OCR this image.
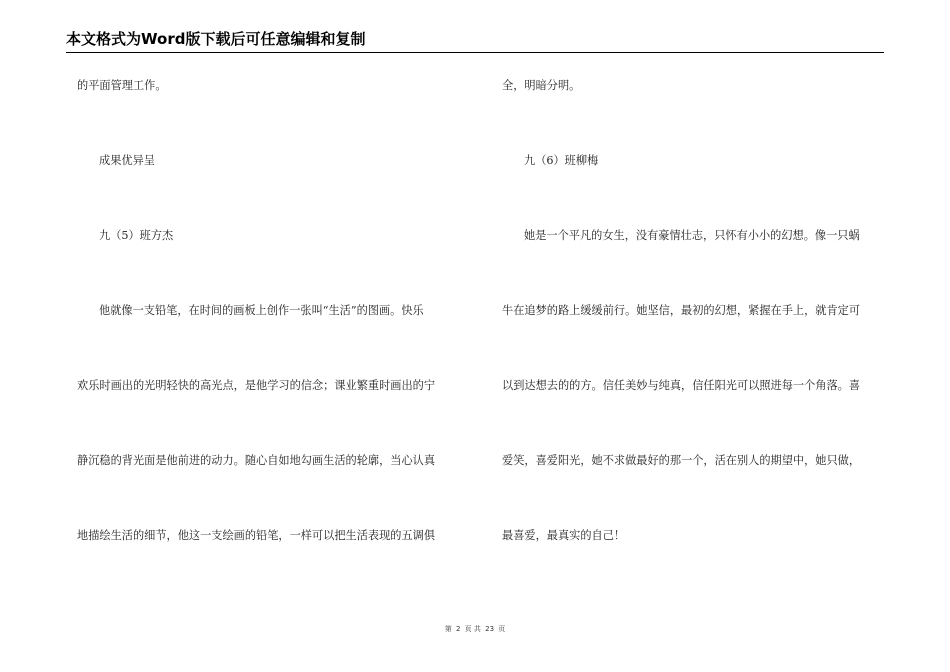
本文格式为Word版下载后可任意编辑和复制
的平面管理工作。
成果优异呈
九（5）班方杰
他就像一支铅笔，在时间的画板上创作一张叫“生活”的图画。快乐
欢乐时画出的光明轻快的高光点，是他学习的信念；课业繁重时画出的宁
静沉稳的背光面是他前进的动力。随心自如地勾画生活的轮廓，当心认真
地描绘生活的细节，他这一支绘画的铅笔，一样可以把生活表现的五调俱
全，明暗分明。
九（6）班柳梅
她是一个平凡的女生，没有豪情壮志，只怀有小小的幻想。像一只蜗
牛在追梦的路上缓缓前行。她坚信，最初的幻想，紧握在手上，就肯定可
以到达想去的的方。信任美妙与纯真，信任阳光可以照进每一个角落。喜
爱笑，喜爱阳光，她不求做最好的那一个，活在别人的期望中，她只做，
最喜爱，最真实的自己！
第 2 页 共 23 页
